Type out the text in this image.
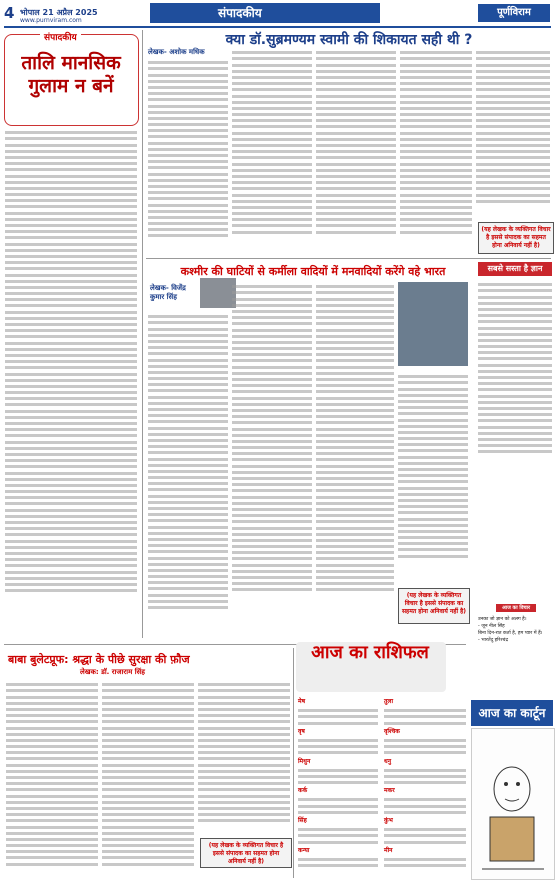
4 भोपाल 21 अप्रैल 2025
www.purnviram.com
संपादकीय	पूर्णविराम
संपादकीय
तालि मानसिक गुलाम न बनें
क्या डॉ.सुब्रमण्यम स्वामी की शिकायत सही थी ?
लेखक- अशोक मधिक
(यह लेखक के व्यक्तिगत विचार है इससे संपादक का सहमत होना अनिवार्य नहीं है)
कश्मीर की घाटियों से कर्मीला वादियों में मनवादियों करेंगे वहे भारत
लेखक- विजेंद्र
कुमार सिंह
(यह लेखक के व्यक्तिगत विचार है इससे संपादक का सहमत होना अनिवार्य नहीं है)
सबसे सस्ता है ज्ञान
आज का विचार
उनका जो ज्ञान को अलग है।
- जून नील सिंह
बिना दिन-रात कर्ता है, हम प्यार में हैं।
- भारतेंदु हरिश्चंद्र
बाबा बुलेटप्रूफ: श्रद्धा के पीछे सुरक्षा की फ़ौज
लेखक: डॉ. राजाराम सिंह
(यह लेखक के व्यक्तिगत विचार है इससे संपादक का सहमत होना अनिवार्य नहीं है)
आज का राशिफल
मेष
वृष
मिथुन
कर्क
सिंह
कन्या
तुला
वृश्चिक
धनु
मकर
कुंभ
मीन
आज का कार्टून
